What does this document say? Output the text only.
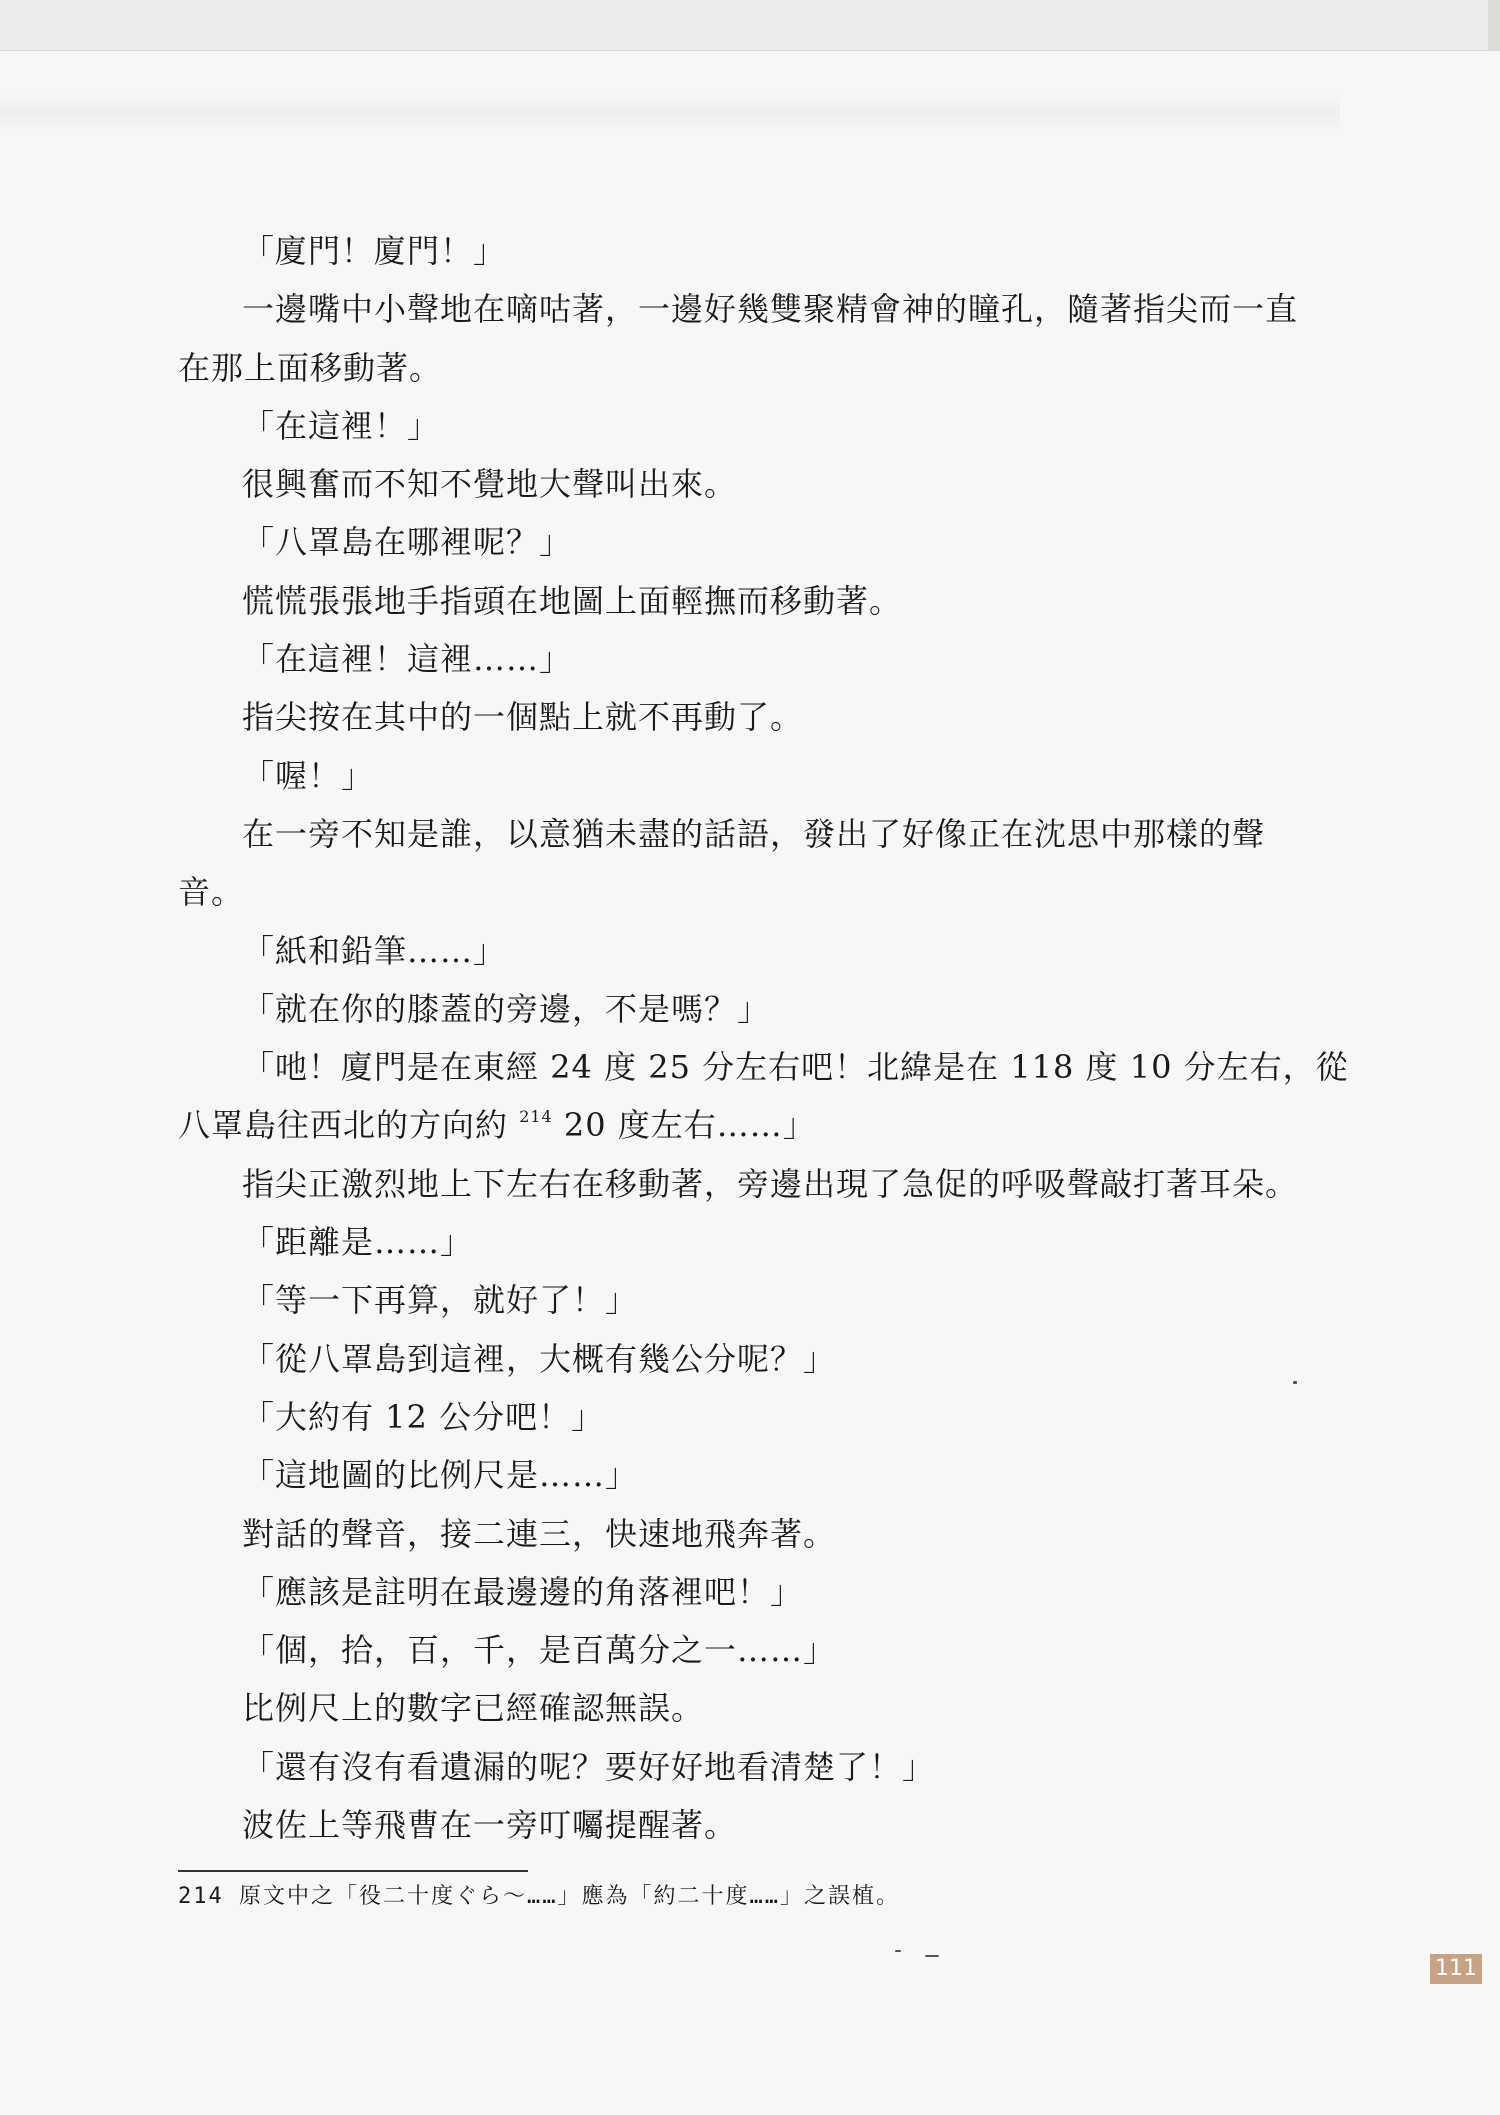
「廈門！廈門！」
一邊嘴中小聲地在嘀咕著，一邊好幾雙聚精會神的瞳孔，隨著指尖而一直
在那上面移動著。
「在這裡！」
很興奮而不知不覺地大聲叫出來。
「八罩島在哪裡呢？」
慌慌張張地手指頭在地圖上面輕撫而移動著。
「在這裡！這裡……」
指尖按在其中的一個點上就不再動了。
「喔！」
在一旁不知是誰，以意猶未盡的話語，發出了好像正在沈思中那樣的聲
音。
「紙和鉛筆……」
「就在你的膝蓋的旁邊，不是嗎？」
「吔！廈門是在東經 24 度 25 分左右吧！北緯是在 118 度 10 分左右，從
八罩島往西北的方向約 $^{214}$ 20 度左右……」
指尖正激烈地上下左右在移動著，旁邊出現了急促的呼吸聲敲打著耳朵。
「距離是……」
「等一下再算，就好了！」
「從八罩島到這裡，大概有幾公分呢？」
「大約有 12 公分吧！」
「這地圖的比例尺是……」
對話的聲音，接二連三，快速地飛奔著。
「應該是註明在最邊邊的角落裡吧！」
「個，拾，百，千，是百萬分之一……」
比例尺上的數字已經確認無誤。
「還有沒有看遺漏的呢？要好好地看清楚了！」
波佐上等飛曹在一旁叮囑提醒著。
214 原文中之「役二十度ぐら～……」應為「約二十度……」之誤植。
111
